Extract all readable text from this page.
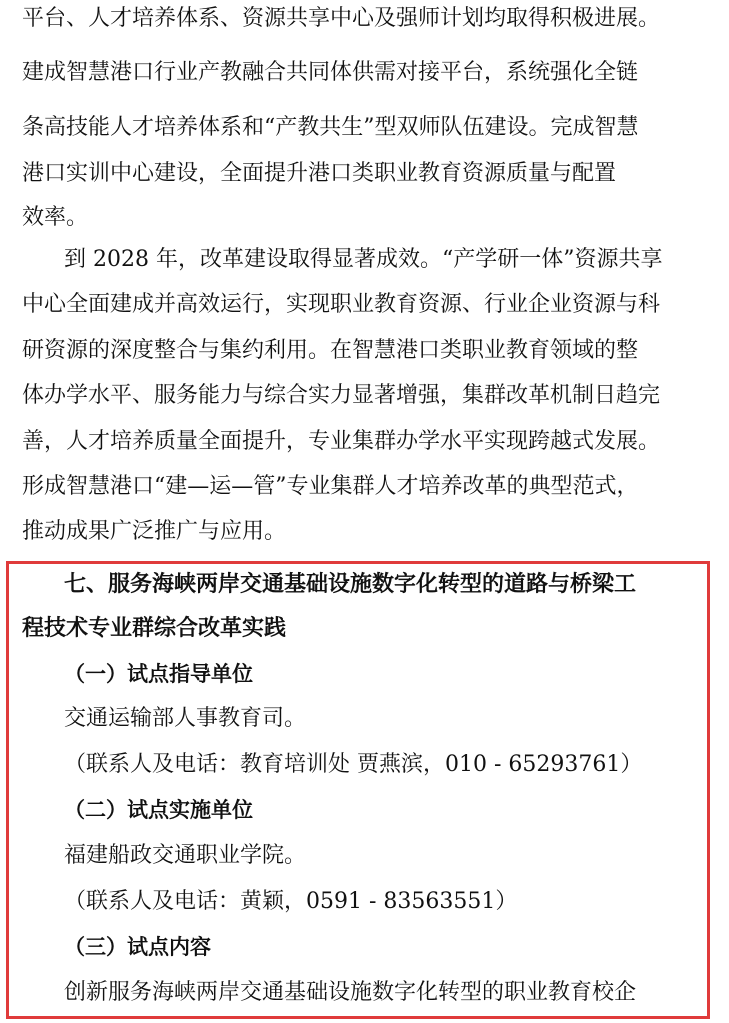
平台、人才培养体系、资源共享中心及强师计划均取得积极进展。
建成智慧港口行业产教融合共同体供需对接平台，系统强化全链
条高技能人才培养体系和“产教共生”型双师队伍建设。完成智慧
港口实训中心建设，全面提升港口类职业教育资源质量与配置
效率。
到 2028 年，改革建设取得显著成效。“产学研一体”资源共享
中心全面建成并高效运行，实现职业教育资源、行业企业资源与科
研资源的深度整合与集约利用。在智慧港口类职业教育领域的整
体办学水平、服务能力与综合实力显著增强，集群改革机制日趋完
善，人才培养质量全面提升，专业集群办学水平实现跨越式发展。
形成智慧港口“建—运—管”专业集群人才培养改革的典型范式，
推动成果广泛推广与应用。
七、服务海峡两岸交通基础设施数字化转型的道路与桥梁工
程技术专业群综合改革实践
（一）试点指导单位
交通运输部人事教育司。
（联系人及电话：教育培训处 贾燕滨，010 - 65293761）
（二）试点实施单位
福建船政交通职业学院。
（联系人及电话：黄颖，0591 - 83563551）
（三）试点内容
创新服务海峡两岸交通基础设施数字化转型的职业教育校企
